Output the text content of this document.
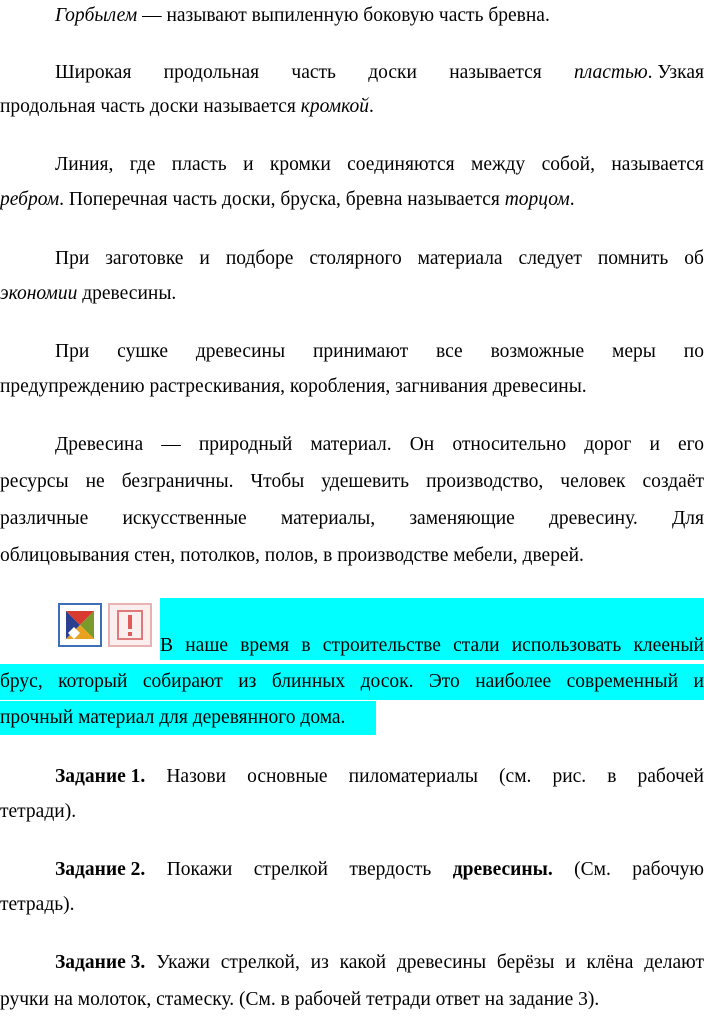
Горбылем — называют выпиленную боковую часть бревна.
Широкая продольная часть доски называется пластью. Узкая
продольная часть доски называется кромкой.
Линия, где пласть и кромки соединяются между собой, называется
ребром. Поперечная часть доски, бруска, бревна называется торцом.
При заготовке и подборе столярного материала следует помнить об
экономии древесины.
При сушке древесины принимают все возможные меры по
предупреждению растрескивания, коробления, загнивания древесины.
Древесина — природный материал. Он относительно дорог и его
ресурсы не безграничны. Чтобы удешевить производство, человек создаёт
различные искусственные материалы, заменяющие древесину. Для
облицовывания стен, потолков, полов, в производстве мебели, дверей.
В наше время в строительстве стали использовать клееный
брус, который собирают из блинных досок. Это наиболее современный и
прочный материал для деревянного дома.
Задание 1. Назови основные пиломатериалы (см. рис. в рабочей
тетради).
Задание 2. Покажи стрелкой твердость древесины. (См. рабочую
тетрадь).
Задание 3. Укажи стрелкой, из какой древесины берёзы и клёна делают
ручки на молоток, стамеску. (См. в рабочей тетради ответ на задание 3).
